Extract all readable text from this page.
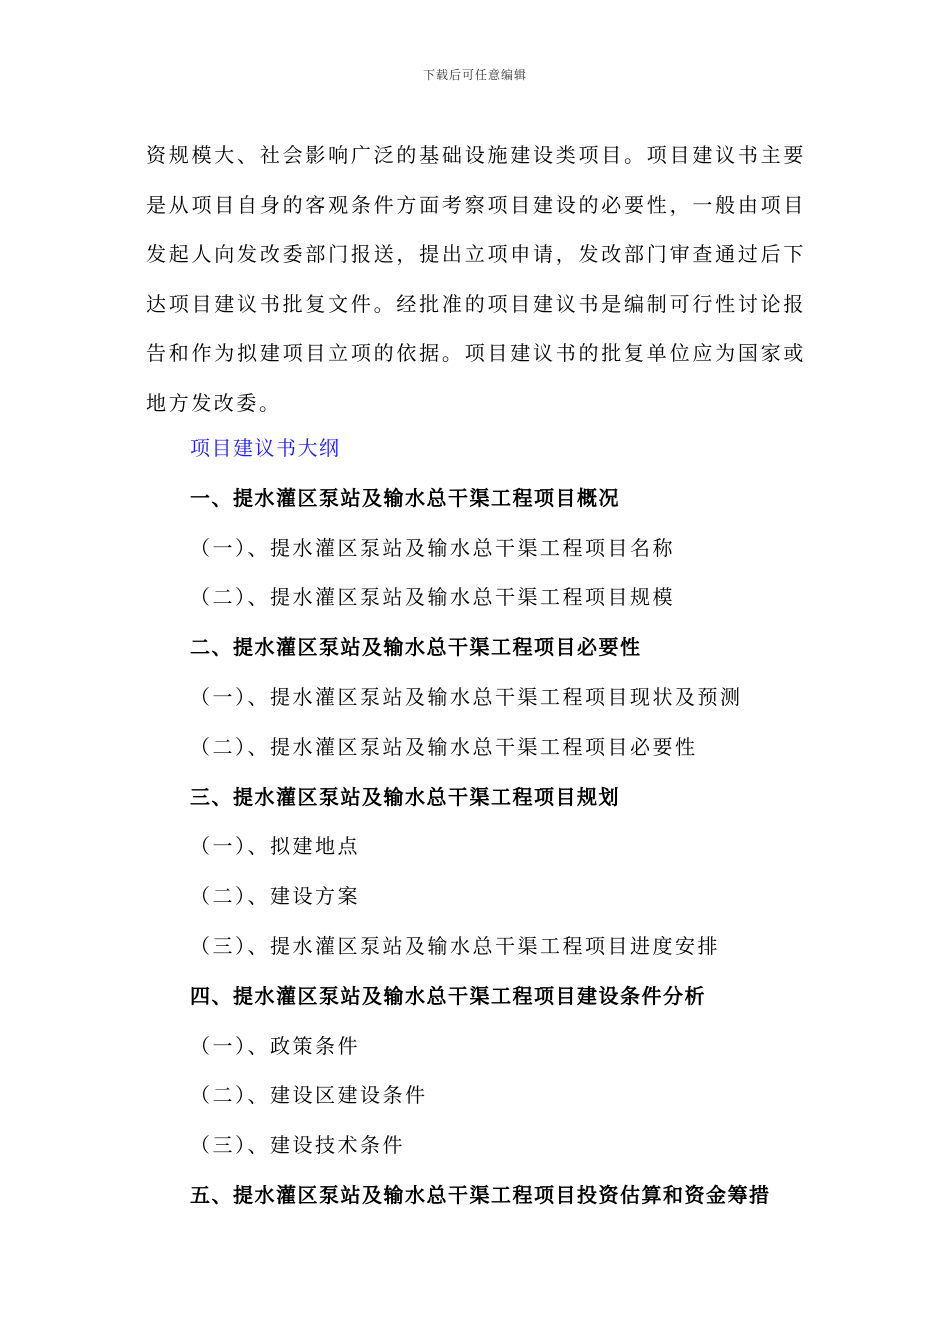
下载后可任意编辑

资规模大、社会影响广泛的基础设施建设类项目。项目建议书主要是从项目自身的客观条件方面考察项目建设的必要性，一般由项目发起人向发改委部门报送，提出立项申请，发改部门审查通过后下达项目建议书批复文件。经批准的项目建议书是编制可行性讨论报告和作为拟建项目立项的依据。项目建议书的批复单位应为国家或地方发改委。

项目建议书大纲
一、提水灌区泵站及输水总干渠工程项目概况
（一）、提水灌区泵站及输水总干渠工程项目名称
（二）、提水灌区泵站及输水总干渠工程项目规模
二、提水灌区泵站及输水总干渠工程项目必要性
（一）、提水灌区泵站及输水总干渠工程项目现状及预测
（二）、提水灌区泵站及输水总干渠工程项目必要性
三、提水灌区泵站及输水总干渠工程项目规划
（一）、拟建地点
（二）、建设方案
（三）、提水灌区泵站及输水总干渠工程项目进度安排
四、提水灌区泵站及输水总干渠工程项目建设条件分析
（一）、政策条件
（二）、建设区建设条件
（三）、建设技术条件
五、提水灌区泵站及输水总干渠工程项目投资估算和资金筹措
